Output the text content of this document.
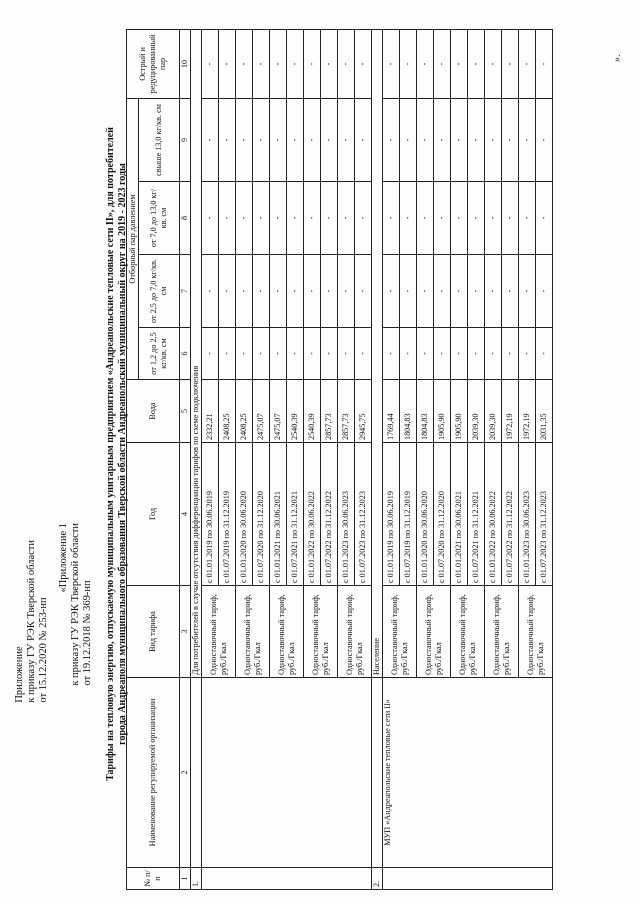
Приложение к приказу ГУ РЭК Тверской области от 15.12.2020 № 253-нп
«Приложение 1 к приказу ГУ РЭК Тверской области от 19.12.2018 № 369-нп Тарифы на тепловую энергию, отпускаемую муниципальным унитарным предприятием «Андреапольские тепловые сети II», для потребителей города Андреаполя муниципального образования Тверской области Андреапольский муниципальный округ на 2019 - 2023 годы
№ п/ п	Наименование регулируемой организации	Вид тарифа	Год	Вода	Отборный пар давлением				Острый и редуцированный пар
					от 1,2 до 2,5 кг/кв. см	от 2,5 до 7,0 кг/кв. см	от 7,0 до 13,0 кг/кв. см	свыше 13,0 кг/кв. см	
1	2	3	4	5	6	7	8	9	10
1.		Для потребителей в случае отсутствия дифференциации тарифов по схеме подключения							
		Одноставочный тариф, руб./Гкал	с 01.01.2019 по 30.06.2019	2332,21	-	-	-	-	-
			с 01.07.2019 по 31.12.2019	2408,25	-	-	-	-	-
		Одноставочный тариф, руб./Гкал	с 01.01.2020 по 30.06.2020	2408,25	-	-	-	-	-
			с 01.07.2020 по 31.12.2020	2475,07	-	-	-	-	-
		Одноставочный тариф, руб./Гкал	с 01.01.2021 по 30.06.2021	2475,07	-	-	-	-	-
			с 01.07.2021 по 31.12.2021	2540,39	-	-	-	-	-
		Одноставочный тариф, руб./Гкал	с 01.01.2022 по 30.06.2022	2540,39	-	-	-	-	-
			с 01.07.2022 по 31.12.2022	2857,73	-	-	-	-	-
		Одноставочный тариф, руб./Гкал	с 01.01.2023 по 30.06.2023	2857,73	-	-	-	-	-
			с 01.07.2023 по 31.12.2023	2945,75	-	-	-	-	-
2.		Население							
	МУП «Андреапольские тепловые сети II»	Одноставочный тариф, руб./Гкал	с 01.01.2019 по 30.06.2019	1769,44	-	-	-	-	-
			с 01.07.2019 по 31.12.2019	1804,83	-	-	-	-	-
		Одноставочный тариф, руб./Гкал	с 01.01.2020 по 30.06.2020	1804,83	-	-	-	-	-
			с 01.07.2020 по 31.12.2020	1905,90	-	-	-	-	-
		Одноставочный тариф, руб./Гкал	с 01.01.2021 по 30.06.2021	1905,90	-	-	-	-	-
			с 01.07.2021 по 31.12.2021	2039,30	-	-	-	-	-
		Одноставочный тариф, руб./Гкал	с 01.01.2022 по 30.06.2022	2039,30	-	-	-	-	-
			с 01.07.2022 по 31.12.2022	1972,19	-	-	-	-	-
		Одноставочный тариф, руб./Гкал	с 01.01.2023 по 30.06.2023	1972,19	-	-	-	-	-
			с 01.07.2023 по 31.12.2023	2031,35	-	-	-	-	-
».
